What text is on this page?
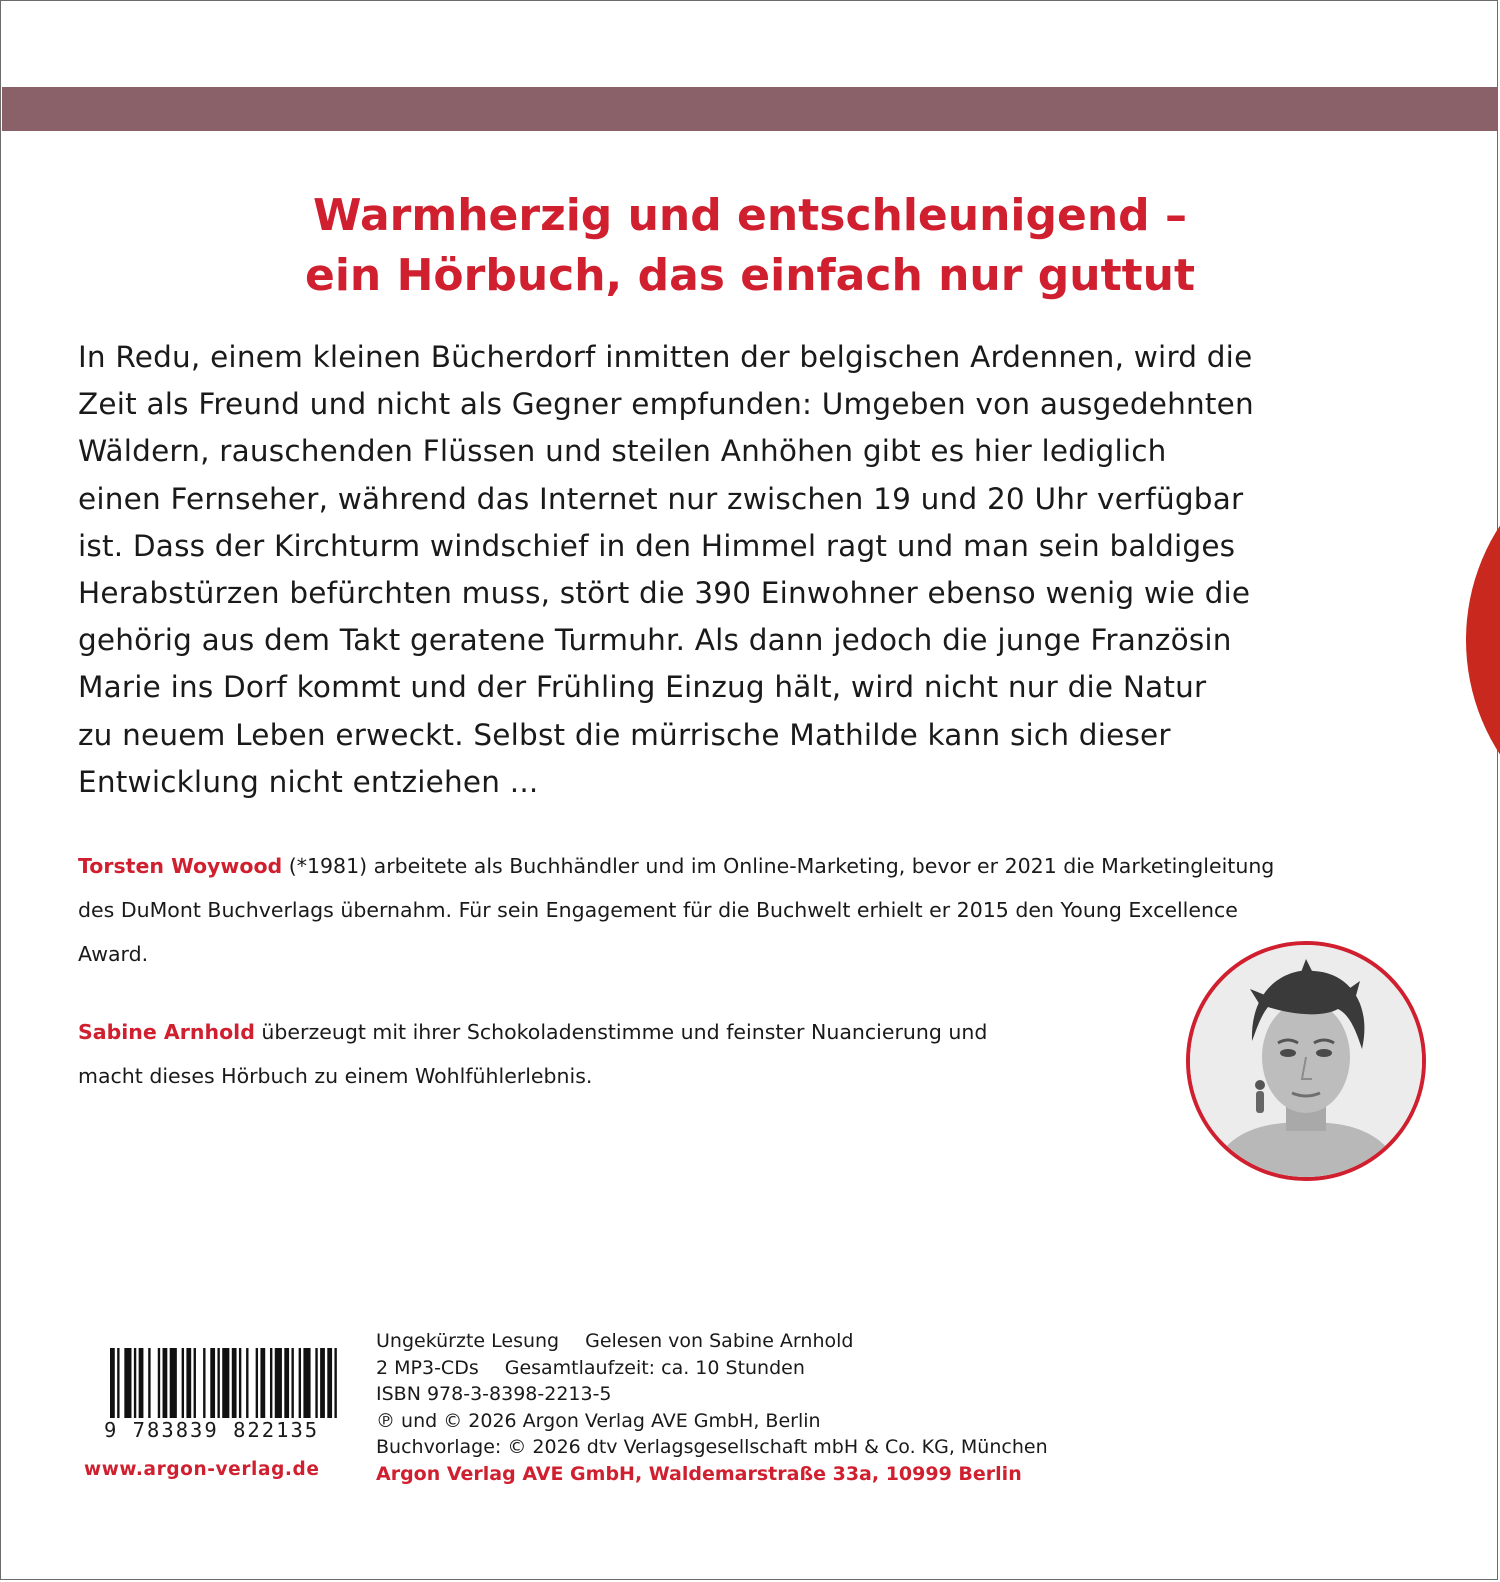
Warmherzig und entschleunigend –
ein Hörbuch, das einfach nur guttut
In Redu, einem kleinen Bücherdorf inmitten der belgischen Ardennen, wird die
Zeit als Freund und nicht als Gegner empfunden: Umgeben von ausgedehnten
Wäldern, rauschenden Flüssen und steilen Anhöhen gibt es hier lediglich
einen Fernseher, während das Internet nur zwischen 19 und 20 Uhr verfügbar
ist. Dass der Kirchturm windschief in den Himmel ragt und man sein baldiges
Herabstürzen befürchten muss, stört die 390 Einwohner ebenso wenig wie die
gehörig aus dem Takt geratene Turmuhr. Als dann jedoch die junge Französin
Marie ins Dorf kommt und der Frühling Einzug hält, wird nicht nur die Natur
zu neuem Leben erweckt. Selbst die mürrische Mathilde kann sich dieser
Entwicklung nicht entziehen ...
Torsten Woywood (*1981) arbeitete als Buchhändler und im Online-Marketing, bevor er 2021 die Marketingleitung
des DuMont Buchverlags übernahm. Für sein Engagement für die Buchwelt erhielt er 2015 den Young Excellence
Award.
Sabine Arnhold überzeugt mit ihrer Schokoladenstimme und feinster Nuancierung und
macht dieses Hörbuch zu einem Wohlfühlerlebnis.
9 783839 822135
www.argon-verlag.de
Ungekürzte Lesung Gelesen von Sabine Arnhold
2 MP3-CDs Gesamtlaufzeit: ca. 10 Stunden
ISBN 978-3-8398-2213-5
℗ und © 2026 Argon Verlag AVE GmbH, Berlin
Buchvorlage: © 2026 dtv Verlagsgesellschaft mbH & Co. KG, München
Argon Verlag AVE GmbH, Waldemarstraße 33a, 10999 Berlin
